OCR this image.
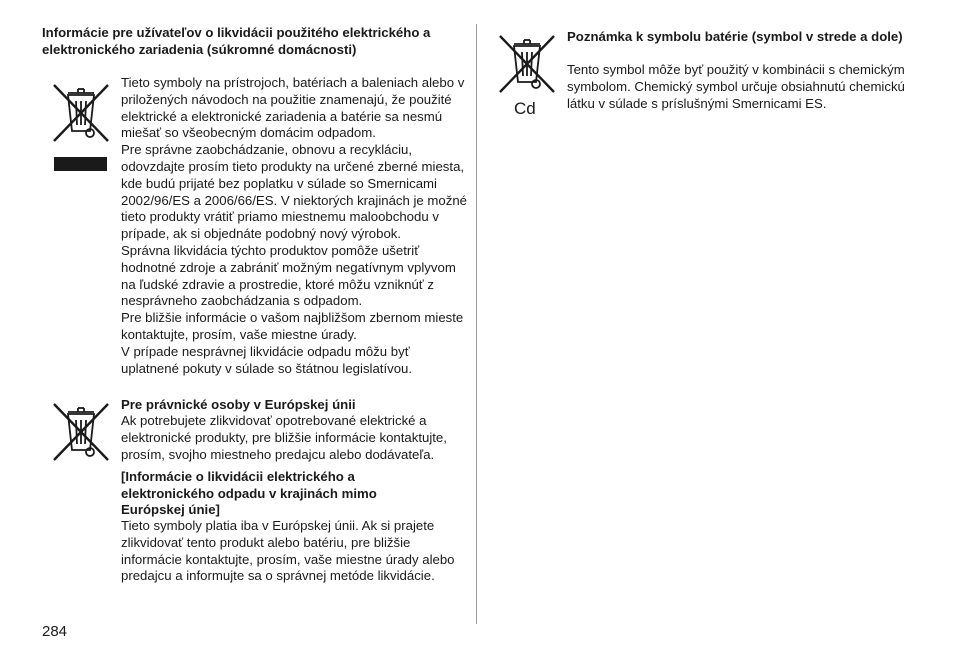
Informácie pre užívateľov o likvidácii použitého elektrického a elektronického zariadenia (súkromné domácnosti)

Tieto symboly na prístrojoch, batériach a baleniach alebo v priložených návodoch na použitie znamenajú, že použité elektrické a elektronické zariadenia a batérie sa nesmú miešať so všeobecným domácim odpadom.

Pre správne zaobchádzanie, obnovu a recykláciu, odovzdajte prosím tieto produkty na určené zberné miesta, kde budú prijaté bez poplatku v súlade so Smernicami 2002/96/ES a 2006/66/ES. V niektorých krajinách je možné tieto produkty vrátiť priamo miestnemu maloobchodu v prípade, ak si objednáte podobný nový výrobok.

Správna likvidácia týchto produktov pomôže ušetriť hodnotné zdroje a zabrániť možným negatívnym vplyvom na ľudské zdravie a prostredie, ktoré môžu vzniknúť z nesprávneho zaobchádzania s odpadom.

Pre bližšie informácie o vašom najbližšom zbernom mieste kontaktujte, prosím, vaše miestne úrady.

V prípade nesprávnej likvidácie odpadu môžu byť uplatnené pokuty v súlade so štátnou legislatívou.

Pre právnické osoby v Európskej únii
Ak potrebujete zlikvidovať opotrebované elektrické a elektronické produkty, pre bližšie informácie kontaktujte, prosím, svojho miestneho predajcu alebo dodávateľa.
[Informácie o likvidácii elektrického a elektronického odpadu v krajinách mimo Európskej únie]
Tieto symboly platia iba v Európskej únii. Ak si prajete zlikvidovať tento produkt alebo batériu, pre bližšie informácie kontaktujte, prosím, vaše miestne úrady alebo predajcu a informujte sa o správnej metóde likvidácie.
Cd
Poznámka k symbolu batérie (symbol v strede a dole)
Tento symbol môže byť použitý v kombinácii s chemickým symbolom. Chemický symbol určuje obsiahnutú chemickú látku v súlade s príslušnými Smernicami ES.
284
